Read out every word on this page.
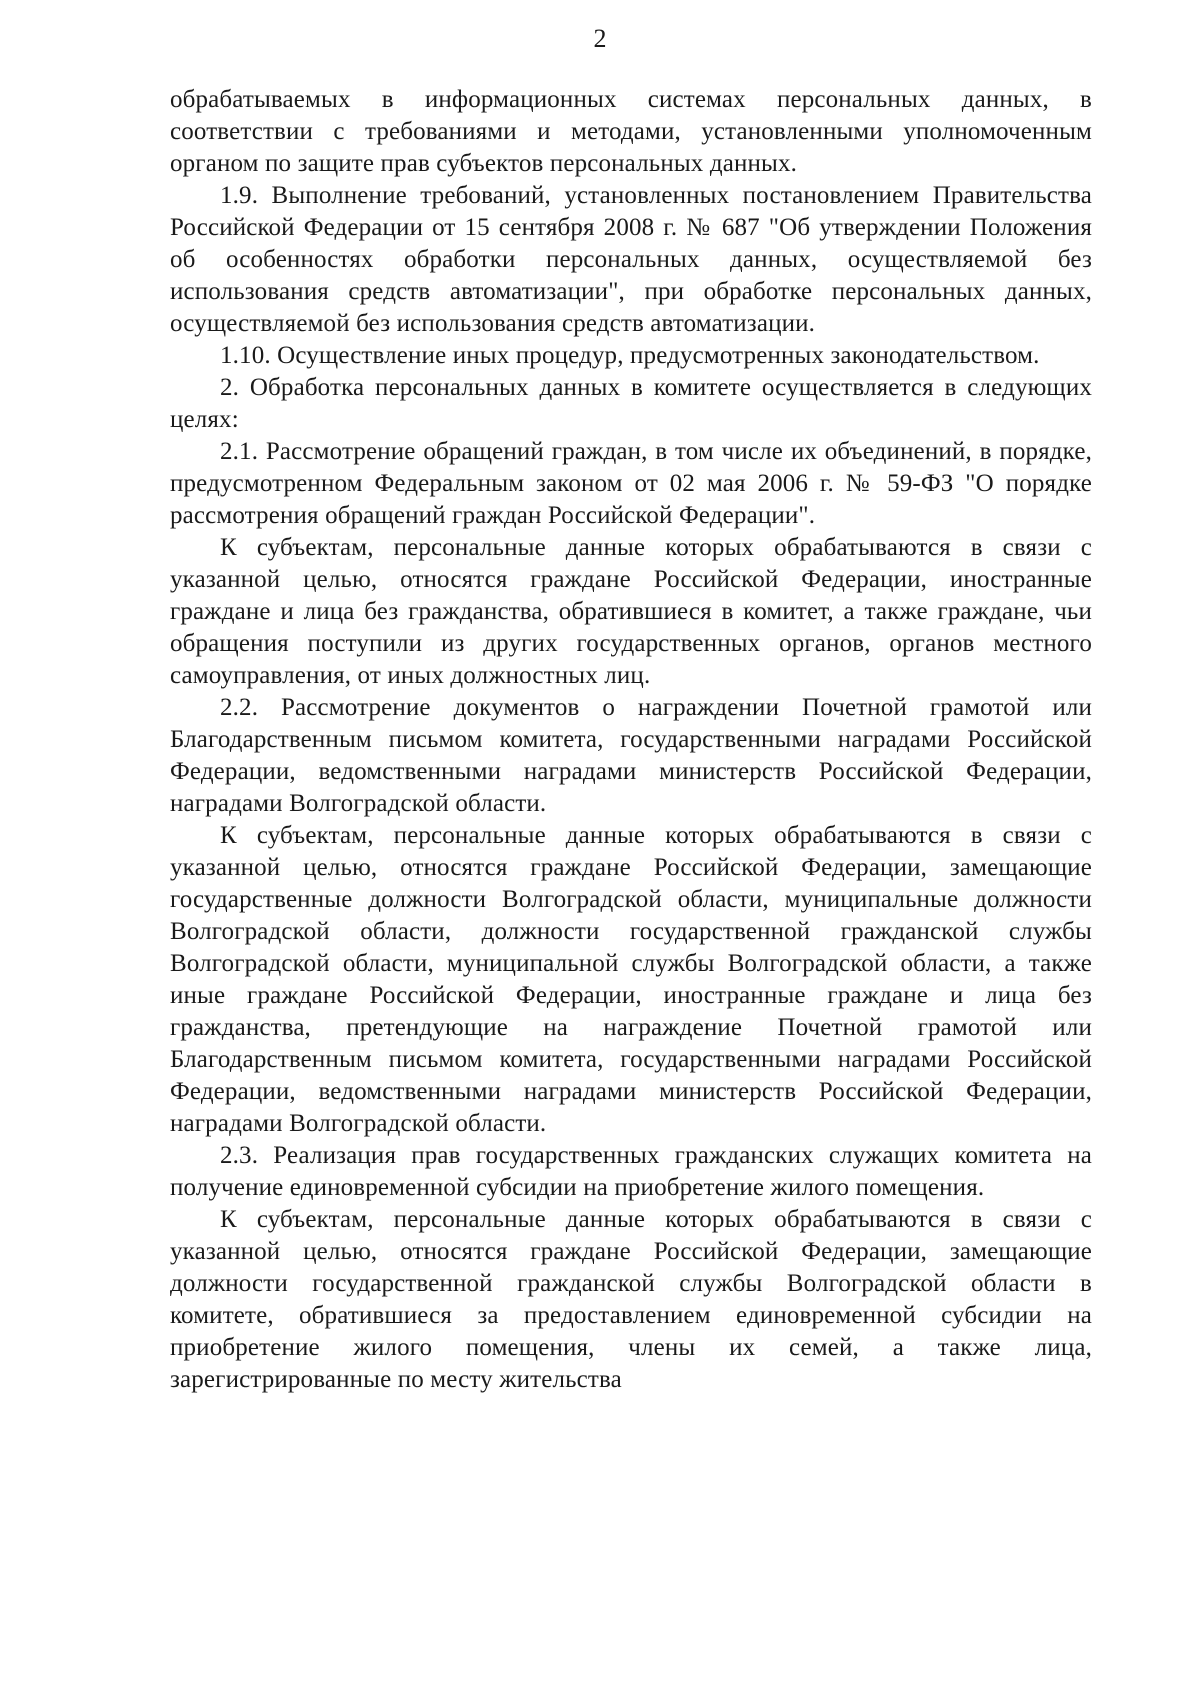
2

обрабатываемых в информационных системах персональных данных, в соответствии с требованиями и методами, установленными уполномоченным органом по защите прав субъектов персональных данных.

1.9. Выполнение требований, установленных постановлением Правительства Российской Федерации от 15 сентября 2008 г. № 687 "Об утверждении Положения об особенностях обработки персональных данных, осуществляемой без использования средств автоматизации", при обработке персональных данных, осуществляемой без использования средств автоматизации.

1.10. Осуществление иных процедур, предусмотренных законодательством.

2. Обработка персональных данных в комитете осуществляется в следующих целях:

2.1. Рассмотрение обращений граждан, в том числе их объединений, в порядке, предусмотренном Федеральным законом от 02 мая 2006 г. № 59-ФЗ "О порядке рассмотрения обращений граждан Российской Федерации".

К субъектам, персональные данные которых обрабатываются в связи с указанной целью, относятся граждане Российской Федерации, иностранные граждане и лица без гражданства, обратившиеся в комитет, а также граждане, чьи обращения поступили из других государственных органов, органов местного самоуправления, от иных должностных лиц.

2.2. Рассмотрение документов о награждении Почетной грамотой или Благодарственным письмом комитета, государственными наградами Российской Федерации, ведомственными наградами министерств Российской Федерации, наградами Волгоградской области.

К субъектам, персональные данные которых обрабатываются в связи с указанной целью, относятся граждане Российской Федерации, замещающие государственные должности Волгоградской области, муниципальные должности Волгоградской области, должности государственной гражданской службы Волгоградской области, муниципальной службы Волгоградской области, а также иные граждане Российской Федерации, иностранные граждане и лица без гражданства, претендующие на награждение Почетной грамотой или Благодарственным письмом комитета, государственными наградами Российской Федерации, ведомственными наградами министерств Российской Федерации, наградами Волгоградской области.

2.3. Реализация прав государственных гражданских служащих комитета на получение единовременной субсидии на приобретение жилого помещения.

К субъектам, персональные данные которых обрабатываются в связи с указанной целью, относятся граждане Российской Федерации, замещающие должности государственной гражданской службы Волгоградской области в комитете, обратившиеся за предоставлением единовременной субсидии на приобретение жилого помещения, члены их семей, а также лица, зарегистрированные по месту жительства
